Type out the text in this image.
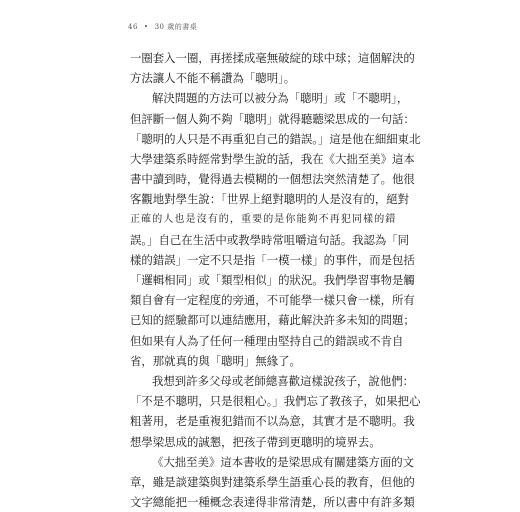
46 • 30 歲的書桌
一圈套入一圈，再搓揉成毫無破綻的球中球；這個解決的
方法讓人不能不稱讚為「聰明」。
解決問題的方法可以被分為「聰明」或「不聰明」，
但評斷一個人夠不夠「聰明」就得聽聽梁思成的一句話：
「聰明的人只是不再重犯自己的錯誤。」這是他在細細東北
大學建築系時經常對學生說的話，我在《大拙至美》這本
書中讀到時，覺得過去模糊的一個想法突然清楚了。他很
客觀地對學生說：「世界上絕對聰明的人是沒有的，絕對
正確的人也是沒有的，重要的是你能夠不再犯同樣的錯
誤。」自己在生活中或教學時常咀嚼這句話。我認為「同
樣的錯誤」一定不只是指「一模一樣」的事件，而是包括
「邏輯相同」或「類型相似」的狀況。我們學習事物是觸
類自會有一定程度的旁通，不可能學一樣只會一樣，所有
已知的經驗都可以連結應用，藉此解決許多未知的問題；
但如果有人為了任何一種理由堅持自己的錯誤或不肯自
省，那就真的與「聰明」無緣了。
我想到許多父母或老師總喜歡這樣說孩子，說他們：
「不是不聰明，只是很粗心。」我們忘了教孩子，如果把心
粗著用，老是重複犯錯而不以為意，其實才是不聰明。我
想學梁思成的誠懇，把孩子帶到更聰明的境界去。
《大拙至美》這本書收的是梁思成有關建築方面的文
章，雖是談建築與對建築系學生語重心長的教育，但他的
文字總能把一種概念表達得非常清楚，所以書中有許多類
